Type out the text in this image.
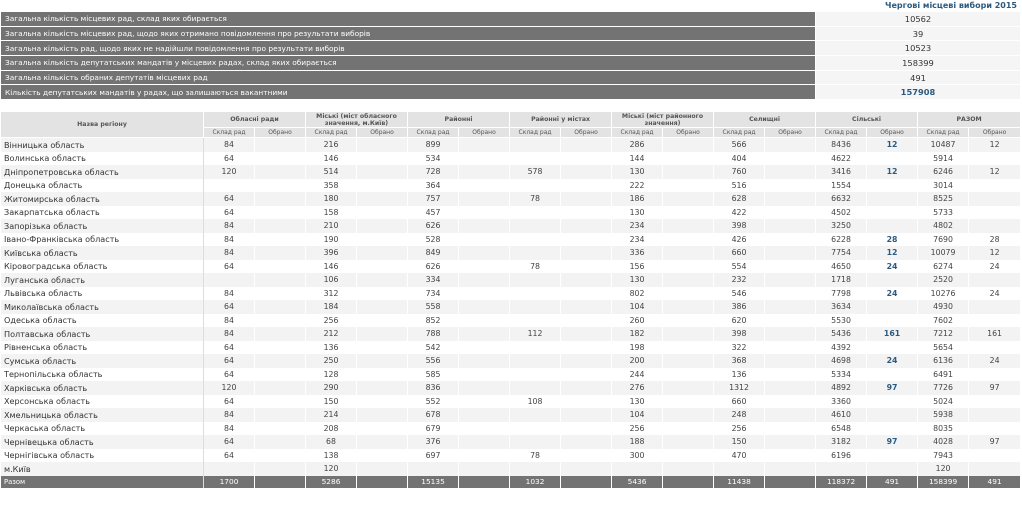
Чергові місцеві вибори 2015
Загальна кількість місцевих рад, склад яких обирається	10562
Загальна кількість місцевих рад, щодо яких отримано повідомлення про результати виборів	39
Загальна кількість рад, щодо яких не надійшли повідомлення про результати виборів	10523
Загальна кількість депутатських мандатів у місцевих радах, склад яких обирається	158399
Загальна кількість обраних депутатів місцевих рад	491
Кількість депутатських мандатів у радах, що залишаються вакантними	157908
Назва регіону	Обласні ради		Міські (міст обласного значення, м.Київ)		Районні		Районні у містах		Міські (міст районного значення)		Селищні		Сільські		РАЗОМ	
	Склад рад	Обрано	Склад рад	Обрано	Склад рад	Обрано	Склад рад	Обрано	Склад рад	Обрано	Склад рад	Обрано	Склад рад	Обрано	Склад рад	Обрано
Вінницька область	84		216		899				286		566		8436	12	10487	12
Волинська область	64		146		534				144		404		4622		5914	
Дніпропетровська область	120		514		728		578		130		760		3416	12	6246	12
Донецька область			358		364				222		516		1554		3014	
Житомирська область	64		180		757		78		186		628		6632		8525	
Закарпатська область	64		158		457				130		422		4502		5733	
Запорізька область	84		210		626				234		398		3250		4802	
Івано-Франківська область	84		190		528				234		426		6228	28	7690	28
Київська область	84		396		849				336		660		7754	12	10079	12
Кіровоградська область	64		146		626		78		156		554		4650	24	6274	24
Луганська область			106		334				130		232		1718		2520	
Львівська область	84		312		734				802		546		7798	24	10276	24
Миколаївська область	64		184		558				104		386		3634		4930	
Одеська область	84		256		852				260		620		5530		7602	
Полтавська область	84		212		788		112		182		398		5436	161	7212	161
Рівненська область	64		136		542				198		322		4392		5654	
Сумська область	64		250		556				200		368		4698	24	6136	24
Тернопільська область	64		128		585				244		136		5334		6491	
Харківська область	120		290		836				276		1312		4892	97	7726	97
Херсонська область	64		150		552		108		130		660		3360		5024	
Хмельницька область	84		214		678				104		248		4610		5938	
Черкаська область	84		208		679				256		256		6548		8035	
Чернівецька область	64		68		376				188		150		3182	97	4028	97
Чернігівська область	64		138		697		78		300		470		6196		7943	
м.Київ			120												120	
Разом	1700		5286		15135		1032		5436		11438		118372	491	158399	491
